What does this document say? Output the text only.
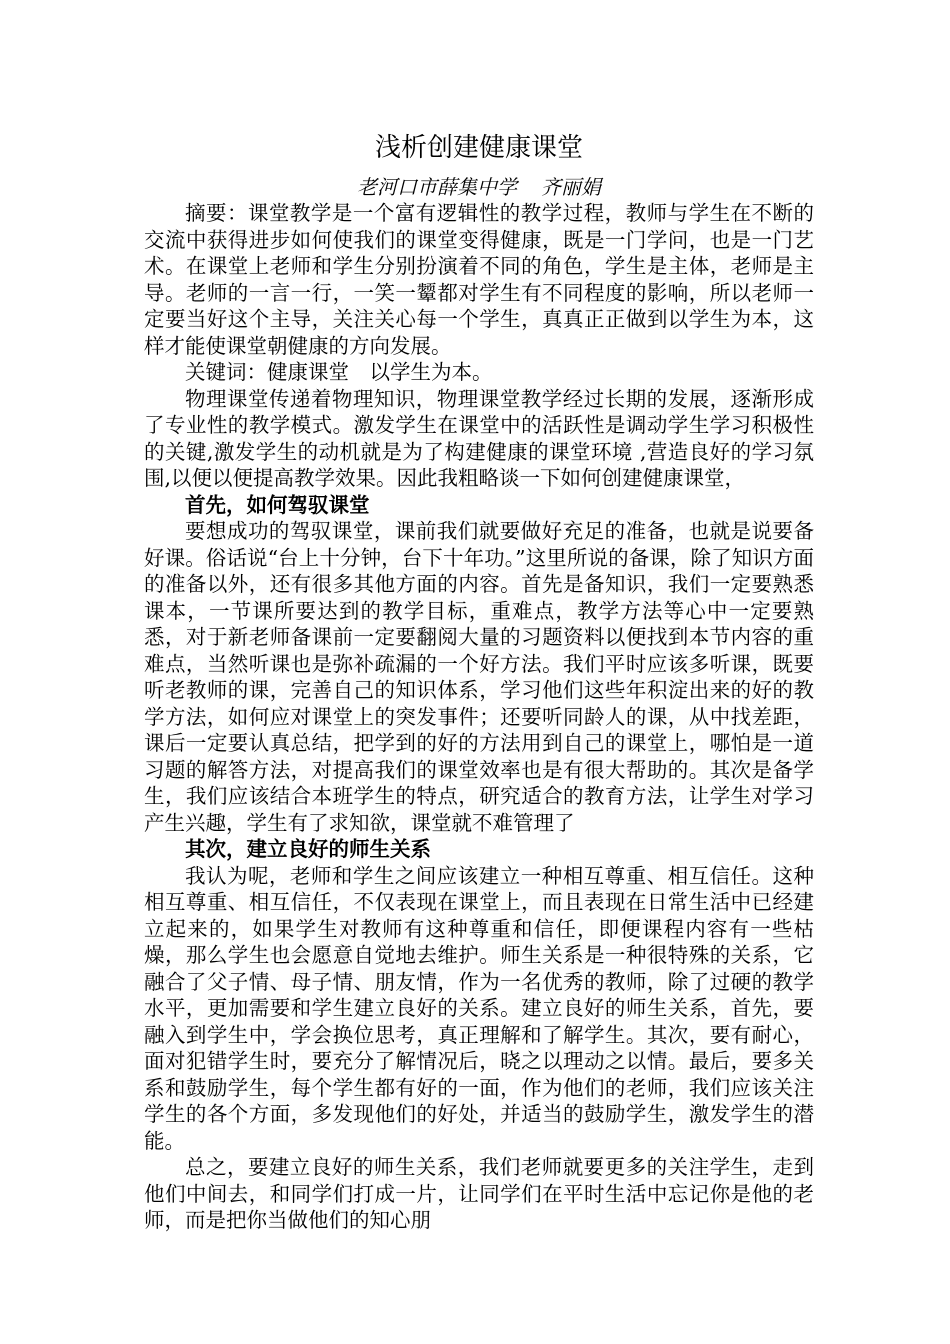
浅析创建健康课堂

老河口市薛集中学 齐丽娟

摘要：课堂教学是一个富有逻辑性的教学过程，教师与学生在不断的交流中获得进步如何使我们的课堂变得健康，既是一门学问，也是一门艺术。在课堂上老师和学生分别扮演着不同的角色，学生是主体，老师是主导。老师的一言一行，一笑一颦都对学生有不同程度的影响，所以老师一定要当好这个主导，关注关心每一个学生，真真正正做到以学生为本，这样才能使课堂朝健康的方向发展。

关键词：健康课堂　以学生为本。

物理课堂传递着物理知识，物理课堂教学经过长期的发展，逐渐形成了专业性的教学模式。激发学生在课堂中的活跃性是调动学生学习积极性的关键,激发学生的动机就是为了构建健康的课堂环境 ,营造良好的学习氛围,以便以便提高教学效果。因此我粗略谈一下如何创建健康课堂，

首先，如何驾驭课堂

要想成功的驾驭课堂，课前我们就要做好充足的准备，也就是说要备好课。俗话说“台上十分钟，台下十年功。”这里所说的备课，除了知识方面的准备以外，还有很多其他方面的内容。首先是备知识，我们一定要熟悉课本，一节课所要达到的教学目标，重难点，教学方法等心中一定要熟悉，对于新老师备课前一定要翻阅大量的习题资料以便找到本节内容的重难点，当然听课也是弥补疏漏的一个好方法。我们平时应该多听课，既要听老教师的课，完善自己的知识体系，学习他们这些年积淀出来的好的教学方法，如何应对课堂上的突发事件；还要听同龄人的课，从中找差距，课后一定要认真总结，把学到的好的方法用到自己的课堂上，哪怕是一道习题的解答方法，对提高我们的课堂效率也是有很大帮助的。其次是备学生，我们应该结合本班学生的特点，研究适合的教育方法，让学生对学习产生兴趣，学生有了求知欲，课堂就不难管理了

其次，建立良好的师生关系

我认为呢，老师和学生之间应该建立一种相互尊重、相互信任。这种相互尊重、相互信任，不仅表现在课堂上，而且表现在日常生活中已经建立起来的，如果学生对教师有这种尊重和信任，即便课程内容有一些枯燥，那么学生也会愿意自觉地去维护。师生关系是一种很特殊的关系，它融合了父子情、母子情、朋友情，作为一名优秀的教师，除了过硬的教学水平，更加需要和学生建立良好的关系。建立良好的师生关系，首先，要融入到学生中，学会换位思考，真正理解和了解学生。其次，要有耐心，面对犯错学生时，要充分了解情况后，晓之以理动之以情。最后，要多关系和鼓励学生，每个学生都有好的一面，作为他们的老师，我们应该关注学生的各个方面，多发现他们的好处，并适当的鼓励学生，激发学生的潜能。

总之，要建立良好的师生关系，我们老师就要更多的关注学生，走到他们中间去，和同学们打成一片，让同学们在平时生活中忘记你是他的老师，而是把你当做他们的知心朋
